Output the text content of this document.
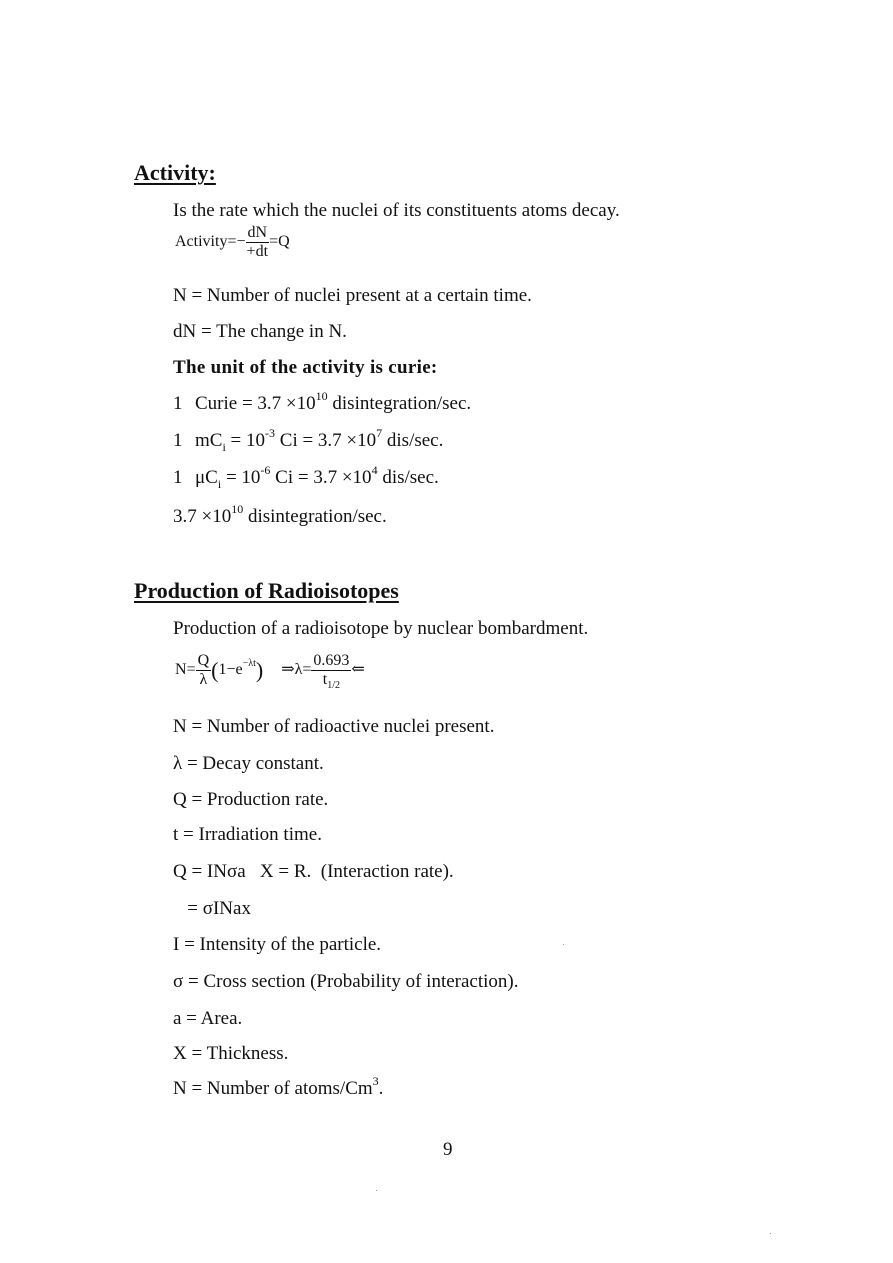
Activity:
Is the rate which the nuclei of its constituents atoms decay.
Activity=− $\frac{dN}{+dt} =Q$
N = Number of nuclei present at a certain time.
dN = The change in N.
The unit of the activity is curie:
1 Curie = $3.7 \times 10^{10}$ disintegration/sec.
1 $mC_i = 10^{-3}$ $Ci = 3.7 \times 10^7$ dis/sec.
1 $\mu C_i = 10^{-6}$ $Ci = 3.7 \times 10^4$ dis/sec.
$3.7 \times 10^{10}$ disintegration/sec.
Production of Radioisotopes
Production of a radioisotope by nuclear bombardment.
$N= \frac{Q}{\lambda} (1-e^{-\lambda t})$ ⇒λ= $\frac{0.693}{t_{1/2}}$ ⇐
N = Number of radioactive nuclei present.
λ = Decay constant.
Q = Production rate.
t = Irradiation time.
Q = INσa   X = R.  (Interaction rate).
= σINax
I = Intensity of the particle.
σ = Cross section (Probability of interaction).
a = Area.
X = Thickness.
N = Number of atoms/Cm$^3$.
9
